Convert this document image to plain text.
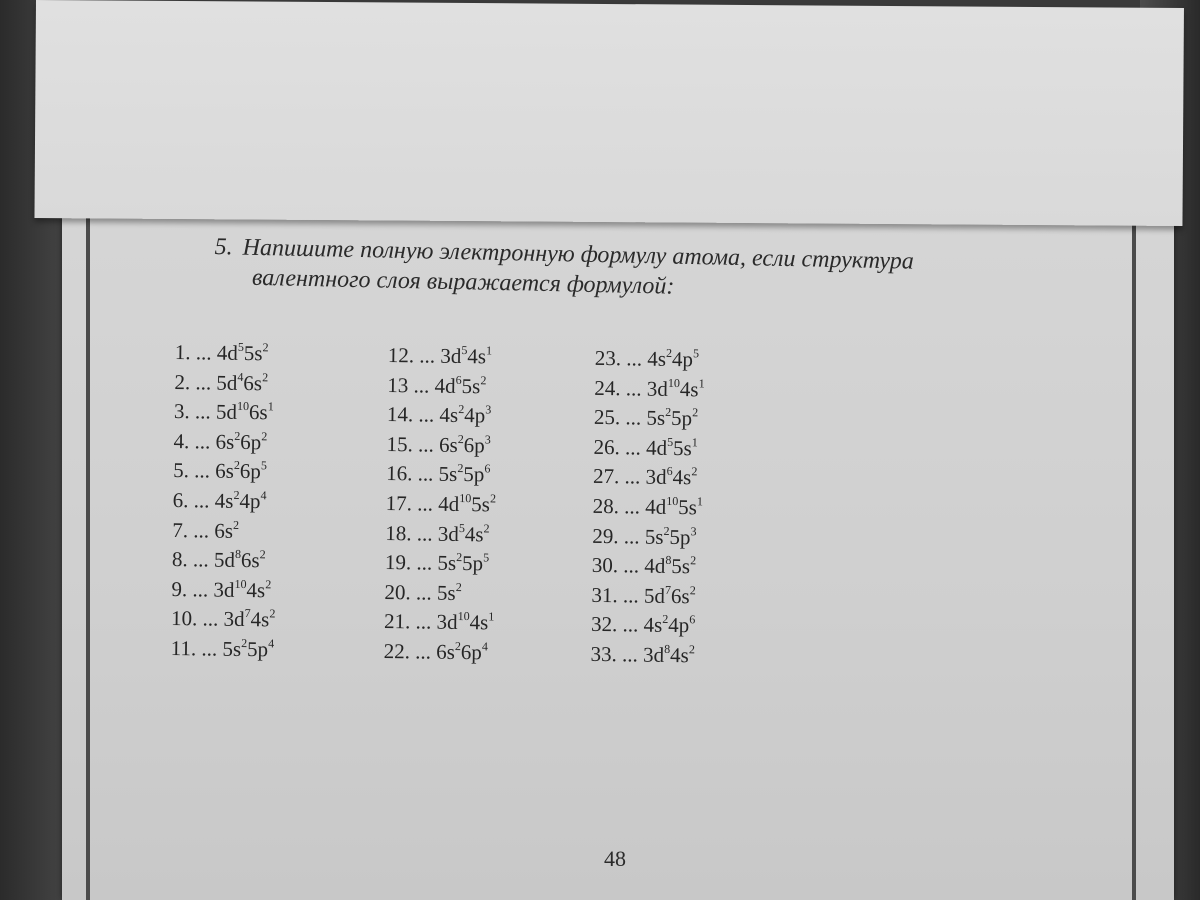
5. Напишите полную электронную формулу атома, если структура
валентного слоя выражается формулой:
1. ... $4d^55s^2$
2. ... $5d^46s^2$
3. ... $5d^{10}6s^1$
4. ... $6s^26p^2$
5. ... $6s^26p^5$
6. ... $4s^24p^4$
7. ... $6s^2$
8. ... $5d^86s^2$
9. ... $3d^{10}4s^2$
10. ... $3d^74s^2$
11. ... $5s^25p^4$
12. ... $3d^54s^1$
13 ... $4d^65s^2$
14. ... $4s^24p^3$
15. ... $6s^26p^3$
16. ... $5s^25p^6$
17. ... $4d^{10}5s^2$
18. ... $3d^54s^2$
19. ... $5s^25p^5$
20. ... $5s^2$
21. ... $3d^{10}4s^1$
22. ... $6s^26p^4$
23. ... $4s^24p^5$
24. ... $3d^{10}4s^1$
25. ... $5s^25p^2$
26. ... $4d^55s^1$
27. ... $3d^64s^2$
28. ... $4d^{10}5s^1$
29. ... $5s^25p^3$
30. ... $4d^85s^2$
31. ... $5d^76s^2$
32. ... $4s^24p^6$
33. ... $3d^84s^2$
48
